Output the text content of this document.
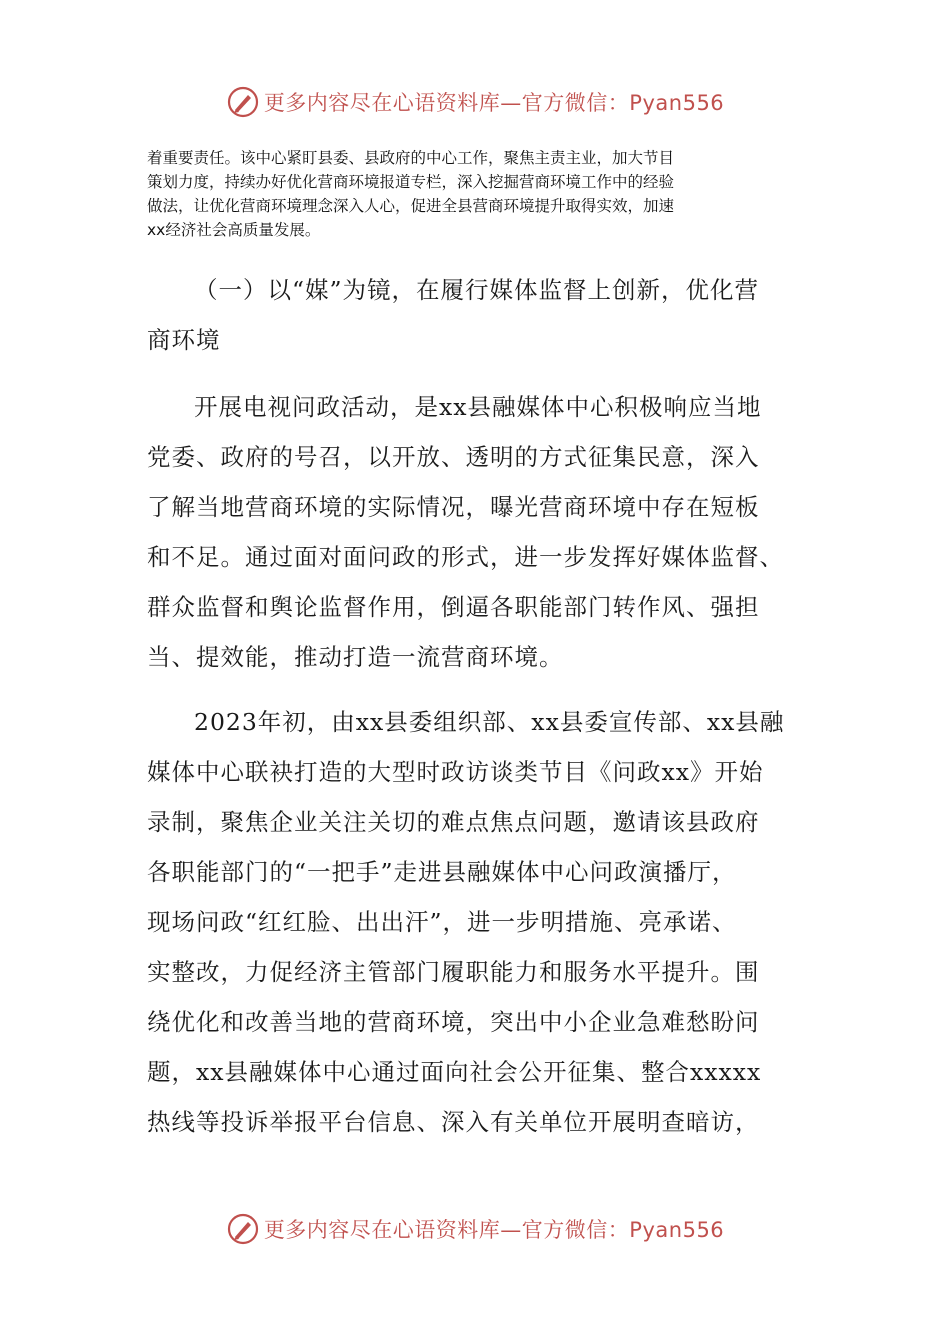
更多内容尽在心语资料库—官方微信：Pyan556
着重要责任。该中心紧盯县委、县政府的中心工作，聚焦主责主业，加大节目
策划力度，持续办好优化营商环境报道专栏，深入挖掘营商环境工作中的经验
做法，让优化营商环境理念深入人心，促进全县营商环境提升取得实效，加速
xx经济社会高质量发展。
（一）以“媒”为镜，在履行媒体监督上创新，优化营
商环境
开展电视问政活动，是xx县融媒体中心积极响应当地
党委、政府的号召，以开放、透明的方式征集民意，深入
了解当地营商环境的实际情况，曝光营商环境中存在短板
和不足。通过面对面问政的形式，进一步发挥好媒体监督、
群众监督和舆论监督作用，倒逼各职能部门转作风、强担
当、提效能，推动打造一流营商环境。
2023年初，由xx县委组织部、xx县委宣传部、xx县融
媒体中心联袂打造的大型时政访谈类节目《问政xx》开始
录制，聚焦企业关注关切的难点焦点问题，邀请该县政府
各职能部门的“一把手”走进县融媒体中心问政演播厅，
现场问政“红红脸、出出汗”，进一步明措施、亮承诺、
实整改，力促经济主管部门履职能力和服务水平提升。围
绕优化和改善当地的营商环境，突出中小企业急难愁盼问
题，xx县融媒体中心通过面向社会公开征集、整合xxxxx
热线等投诉举报平台信息、深入有关单位开展明查暗访，
更多内容尽在心语资料库—官方微信：Pyan556
